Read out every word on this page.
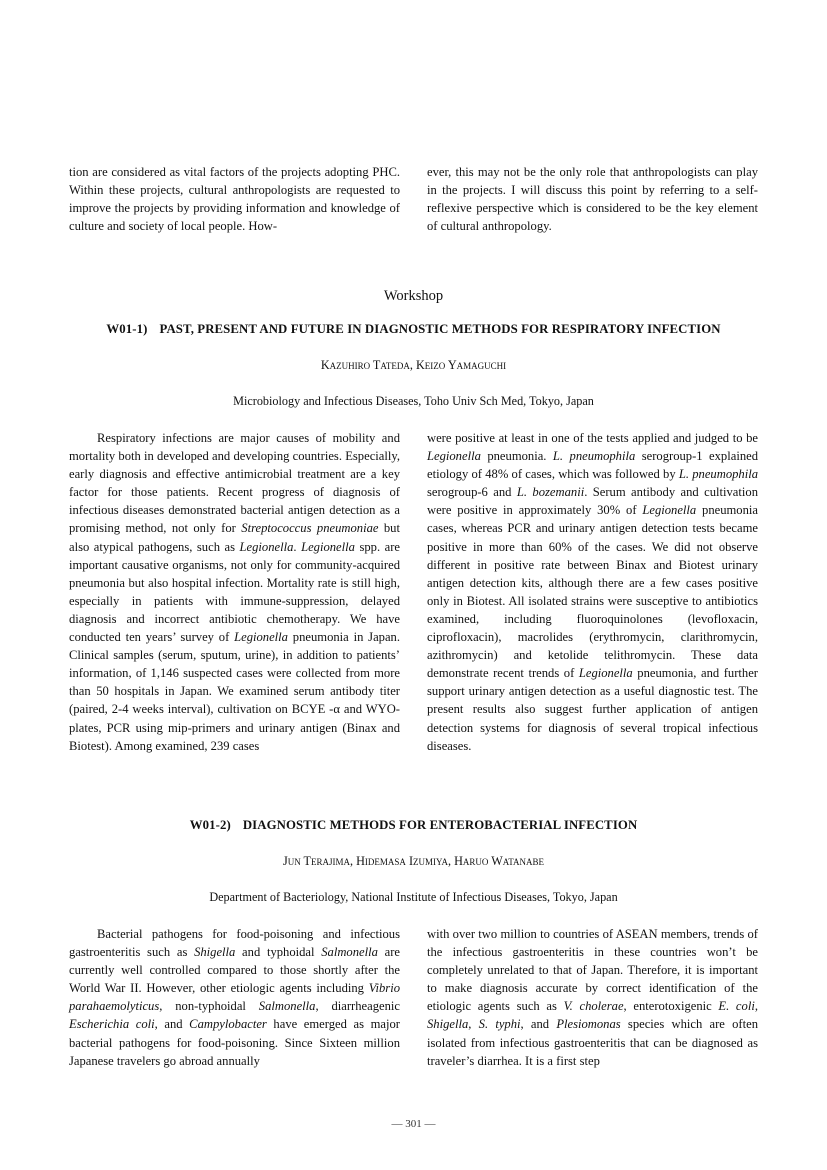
tion are considered as vital factors of the projects adopting PHC. Within these projects, cultural anthropologists are requested to improve the projects by providing information and knowledge of culture and society of local people. How-

ever, this may not be the only role that anthropologists can play in the projects. I will discuss this point by referring to a self-reflexive perspective which is considered to be the key element of cultural anthropology.

Workshop
W01-1) PAST, PRESENT AND FUTURE IN DIAGNOSTIC METHODS FOR RESPIRATORY INFECTION
Kazuhiro Tateda, Keizo Yamaguchi
Microbiology and Infectious Diseases, Toho Univ Sch Med, Tokyo, Japan

Respiratory infections are major causes of mobility and mortality both in developed and developing countries. Especially, early diagnosis and effective antimicrobial treatment are a key factor for those patients. Recent progress of diagnosis of infectious diseases demonstrated bacterial antigen detection as a promising method, not only for Streptococcus pneumoniae but also atypical pathogens, such as Legionella. Legionella spp. are important causative organisms, not only for community-acquired pneumonia but also hospital infection. Mortality rate is still high, especially in patients with immune-suppression, delayed diagnosis and incorrect antibiotic chemotherapy. We have conducted ten years’ survey of Legionella pneumonia in Japan. Clinical samples (serum, sputum, urine), in addition to patients’ information, of 1,146 suspected cases were collected from more than 50 hospitals in Japan. We examined serum antibody titer (paired, 2-4 weeks interval), cultivation on BCYE -α and WYO-plates, PCR using mip-primers and urinary antigen (Binax and Biotest). Among examined, 239 cases

were positive at least in one of the tests applied and judged to be Legionella pneumonia. L. pneumophila serogroup-1 explained etiology of 48% of cases, which was followed by L. pneumophila serogroup-6 and L. bozemanii. Serum antibody and cultivation were positive in approximately 30% of Legionella pneumonia cases, whereas PCR and urinary antigen detection tests became positive in more than 60% of the cases. We did not observe different in positive rate between Binax and Biotest urinary antigen detection kits, although there are a few cases positive only in Biotest. All isolated strains were susceptive to antibiotics examined, including fluoroquinolones (levofloxacin, ciprofloxacin), macrolides (erythromycin, clarithromycin, azithromycin) and ketolide telithromycin. These data demonstrate recent trends of Legionella pneumonia, and further support urinary antigen detection as a useful diagnostic test. The present results also suggest further application of antigen detection systems for diagnosis of several tropical infectious diseases.

W01-2) DIAGNOSTIC METHODS FOR ENTEROBACTERIAL INFECTION
Jun Terajima, Hidemasa Izumiya, Haruo Watanabe
Department of Bacteriology, National Institute of Infectious Diseases, Tokyo, Japan

Bacterial pathogens for food-poisoning and infectious gastroenteritis such as Shigella and typhoidal Salmonella are currently well controlled compared to those shortly after the World War II. However, other etiologic agents including Vibrio parahaemolyticus, non-typhoidal Salmonella, diarrheagenic Escherichia coli, and Campylobacter have emerged as major bacterial pathogens for food-poisoning. Since Sixteen million Japanese travelers go abroad annually

with over two million to countries of ASEAN members, trends of the infectious gastroenteritis in these countries won’t be completely unrelated to that of Japan. Therefore, it is important to make diagnosis accurate by correct identification of the etiologic agents such as V. cholerae, enterotoxigenic E. coli, Shigella, S. typhi, and Plesiomonas species which are often isolated from infectious gastroenteritis that can be diagnosed as traveler’s diarrhea. It is a first step

— 301 —
